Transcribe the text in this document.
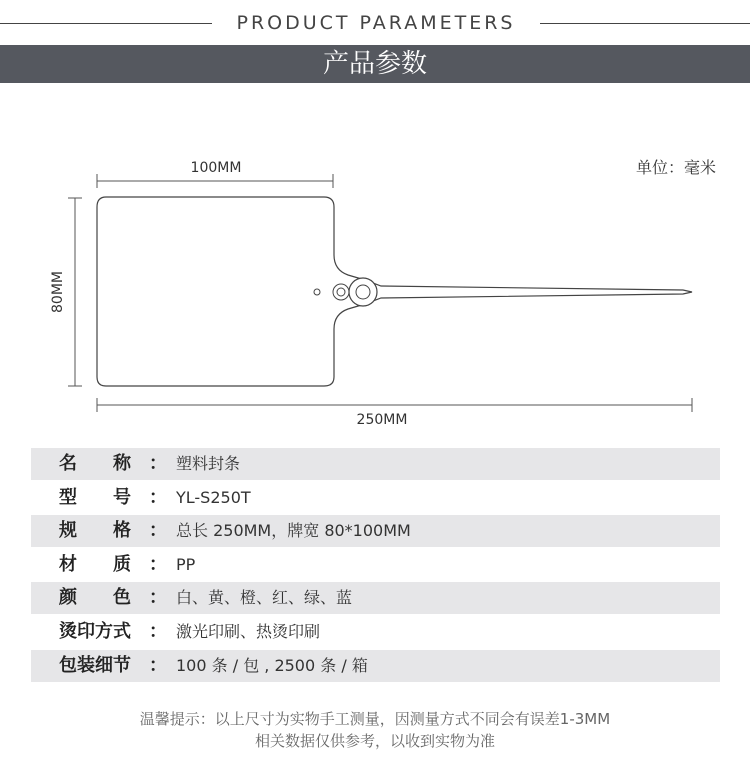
PRODUCT PARAMETERS
产品参数
单位：毫米
100MM
80MM
250MM
名　　称 ： 塑料封条
型　　号 ： YL-S250T
规　　格 ： 总长 250MM，牌宽 80*100MM
材　　质 ： PP
颜　　色 ： 白、黄、橙、红、绿、蓝
烫印方式 ： 激光印刷、热烫印刷
包装细节 ： 100 条 / 包 , 2500 条 / 箱
温馨提示：以上尺寸为实物手工测量，因测量方式不同会有误差1-3MM
相关数据仅供参考，以收到实物为准
